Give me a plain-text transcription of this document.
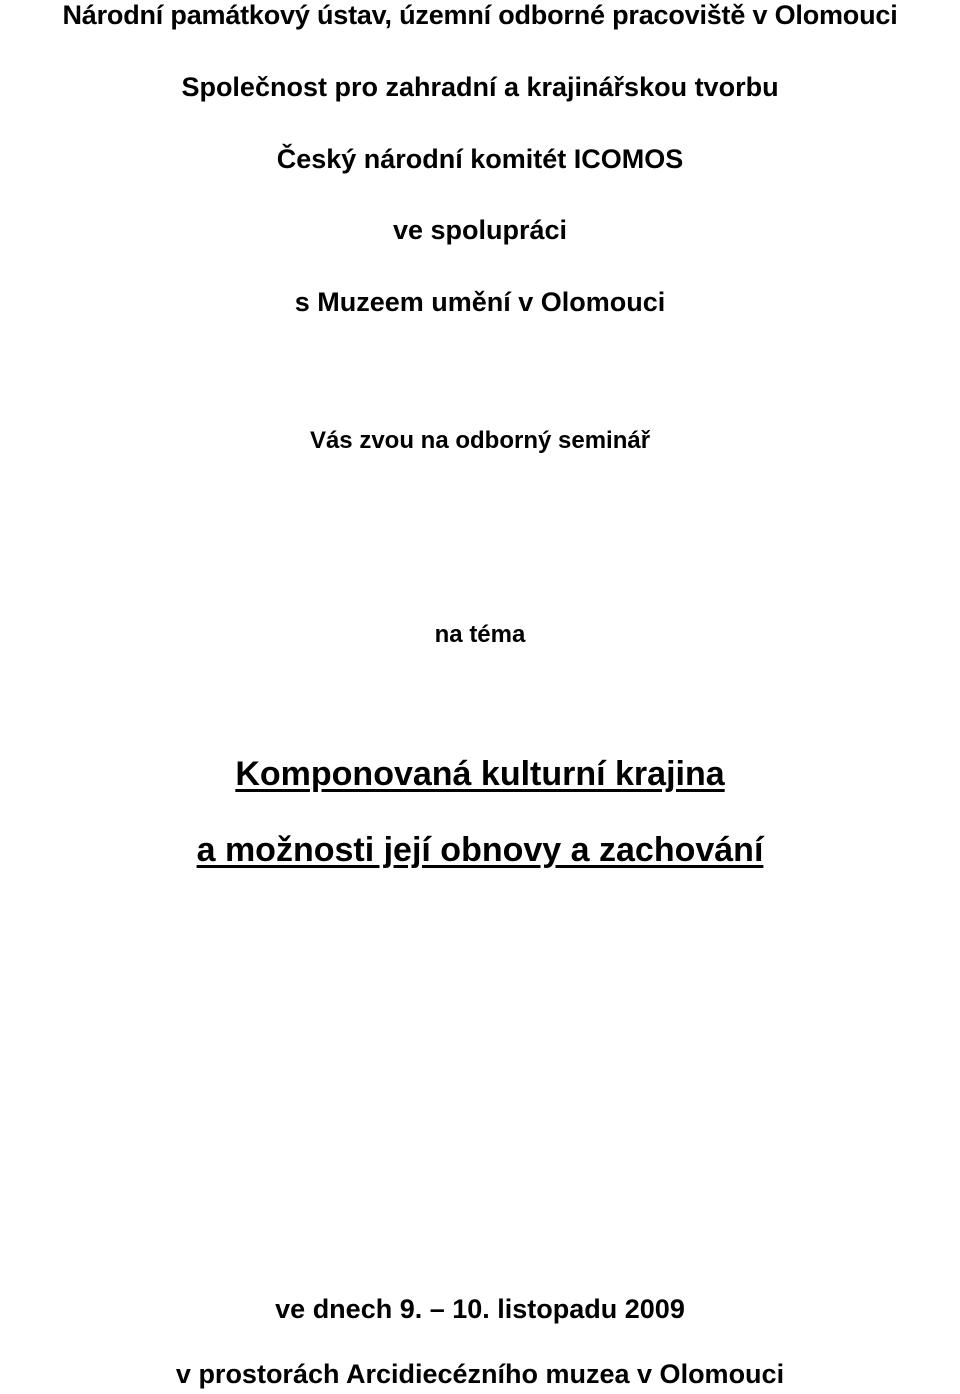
Národní památkový ústav, územní odborné pracoviště v Olomouci
Společnost pro zahradní a krajinářskou tvorbu
Český národní komitét ICOMOS
ve spolupráci
s Muzeem umění v Olomouci
Vás zvou na odborný seminář
na téma
Komponovaná kulturní krajina
a možnosti její obnovy a zachování
ve dnech 9. – 10. listopadu 2009
v prostorách Arcidiecézního muzea v Olomouci
